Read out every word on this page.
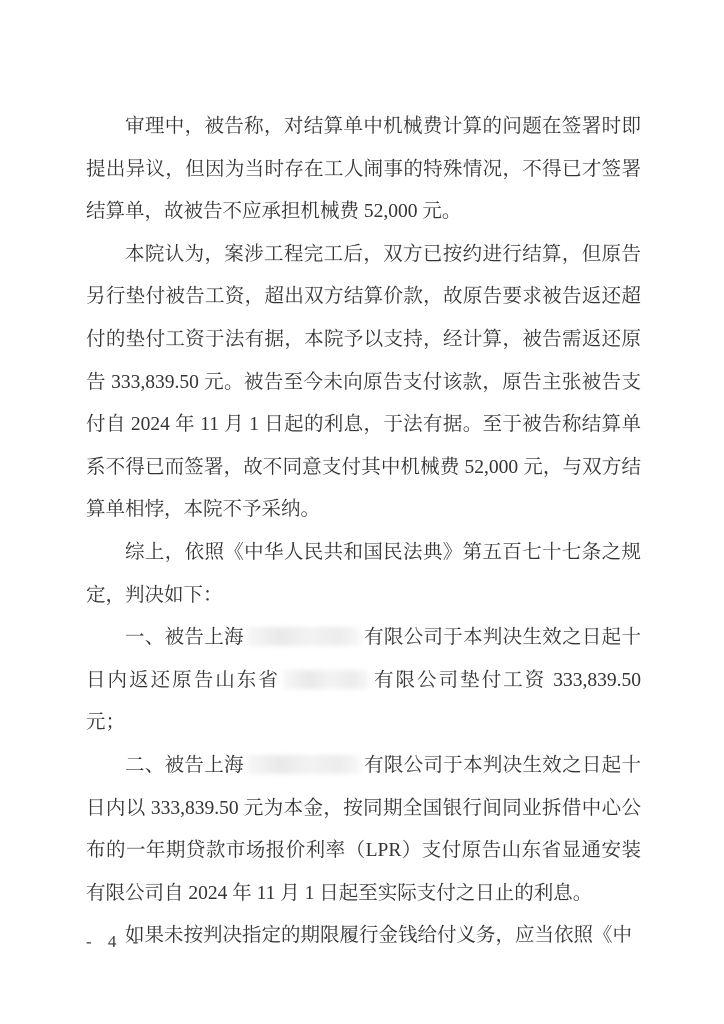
审理中，被告称，对结算单中机械费计算的问题在签署时即提出异议，但因为当时存在工人闹事的特殊情况，不得已才签署结算单，故被告不应承担机械费 52,000 元。

本院认为，案涉工程完工后，双方已按约进行结算，但原告另行垫付被告工资，超出双方结算价款，故原告要求被告返还超付的垫付工资于法有据，本院予以支持，经计算，被告需返还原告 333,839.50 元。被告至今未向原告支付该款，原告主张被告支付自 2024 年 11 月 1 日起的利息，于法有据。至于被告称结算单系不得已而签署，故不同意支付其中机械费 52,000 元，与双方结算单相悖，本院不予采纳。

综上，依照《中华人民共和国民法典》第五百七十七条之规定，判决如下：

一、被告上海	有限公司于本判决生效之日起十日内返还原告山东省	有限公司垫付工资 333,839.50 元；

二、被告上海	有限公司于本判决生效之日起十日内以 333,839.50 元为本金，按同期全国银行间同业拆借中心公布的一年期贷款市场报价利率（LPR）支付原告山东省显通安装有限公司自 2024 年 11 月 1 日起至实际支付之日止的利息。

如果未按判决指定的期限履行金钱给付义务，应当依照《中

- 4 -
